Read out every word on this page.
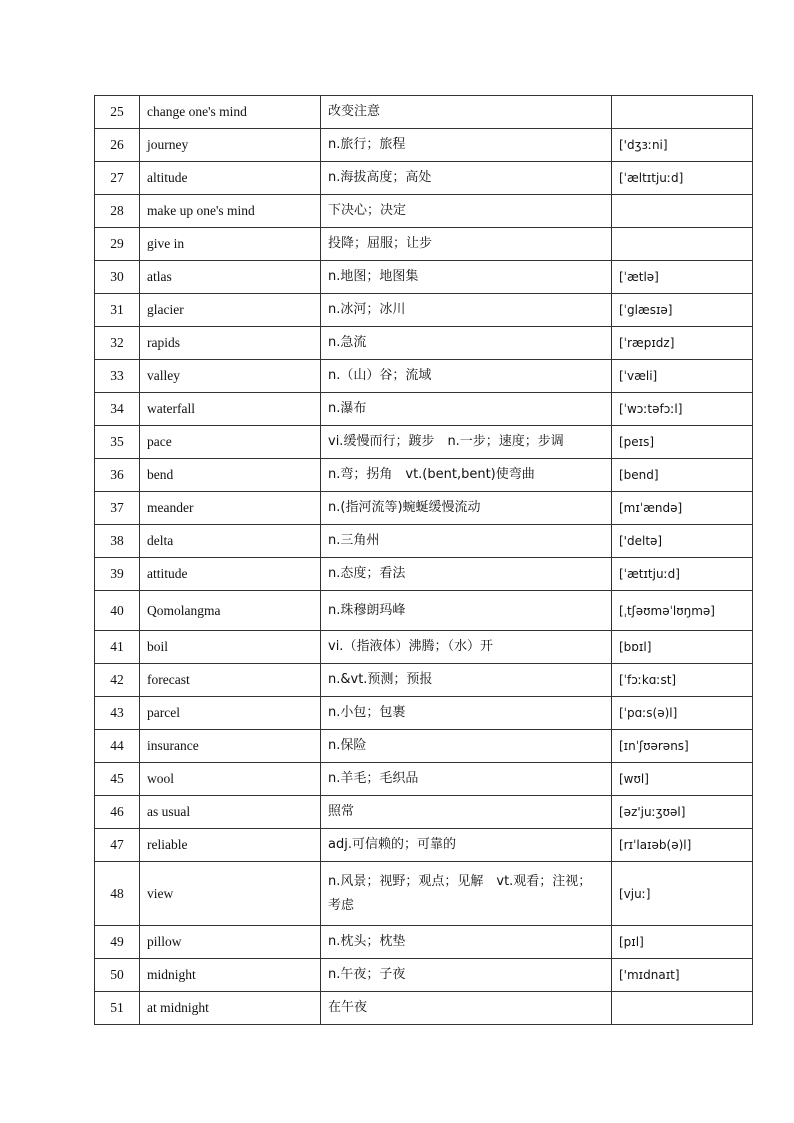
25	change one's mind	改变注意	
26	journey	n.旅行；旅程	['dʒɜːni]
27	altitude	n.海拔高度；高处	[ˈæltɪtjuːd]
28	make up one's mind	下决心；决定	
29	give in	投降；屈服；让步	
30	atlas	n.地图；地图集	[ˈætlə]
31	glacier	n.冰河；冰川	[ˈglæsɪə]
32	rapids	n.急流	[ˈræpɪdz]
33	valley	n.（山）谷；流域	[ˈvæli]
34	waterfall	n.瀑布	[ˈwɔːtəfɔːl]
35	pace	vi.缓慢而行；踱步　n.一步；速度；步调	[peɪs]
36	bend	n.弯；拐角　vt.(bent,bent)使弯曲	[bend]
37	meander	n.(指河流等)蜿蜒缓慢流动	[mɪˈændə]
38	delta	n.三角州	['deltə]
39	attitude	n.态度；看法	[ˈætɪtjuːd]
40	Qomolangma	n.珠穆朗玛峰	[ˌtʃəʊməˈlʊŋmə]
41	boil	vi.（指液体）沸腾；（水）开	[bɒɪl]
42	forecast	n.&vt.预测；预报	[ˈfɔːkɑːst]
43	parcel	n.小包；包裹	[ˈpɑːs(ə)l]
44	insurance	n.保险	[ɪnˈʃʊərəns]
45	wool	n.羊毛；毛织品	[wʊl]
46	as usual	照常	[əz'juːʒʊəl]
47	reliable	adj.可信赖的；可靠的	[rɪˈlaɪəb(ə)l]
48	view	n.风景；视野；观点；见解　vt.观看；注视；考虑	[vjuː]
49	pillow	n.枕头；枕垫	[pɪl]
50	midnight	n.午夜；子夜	['mɪdnaɪt]
51	at midnight	在午夜	
